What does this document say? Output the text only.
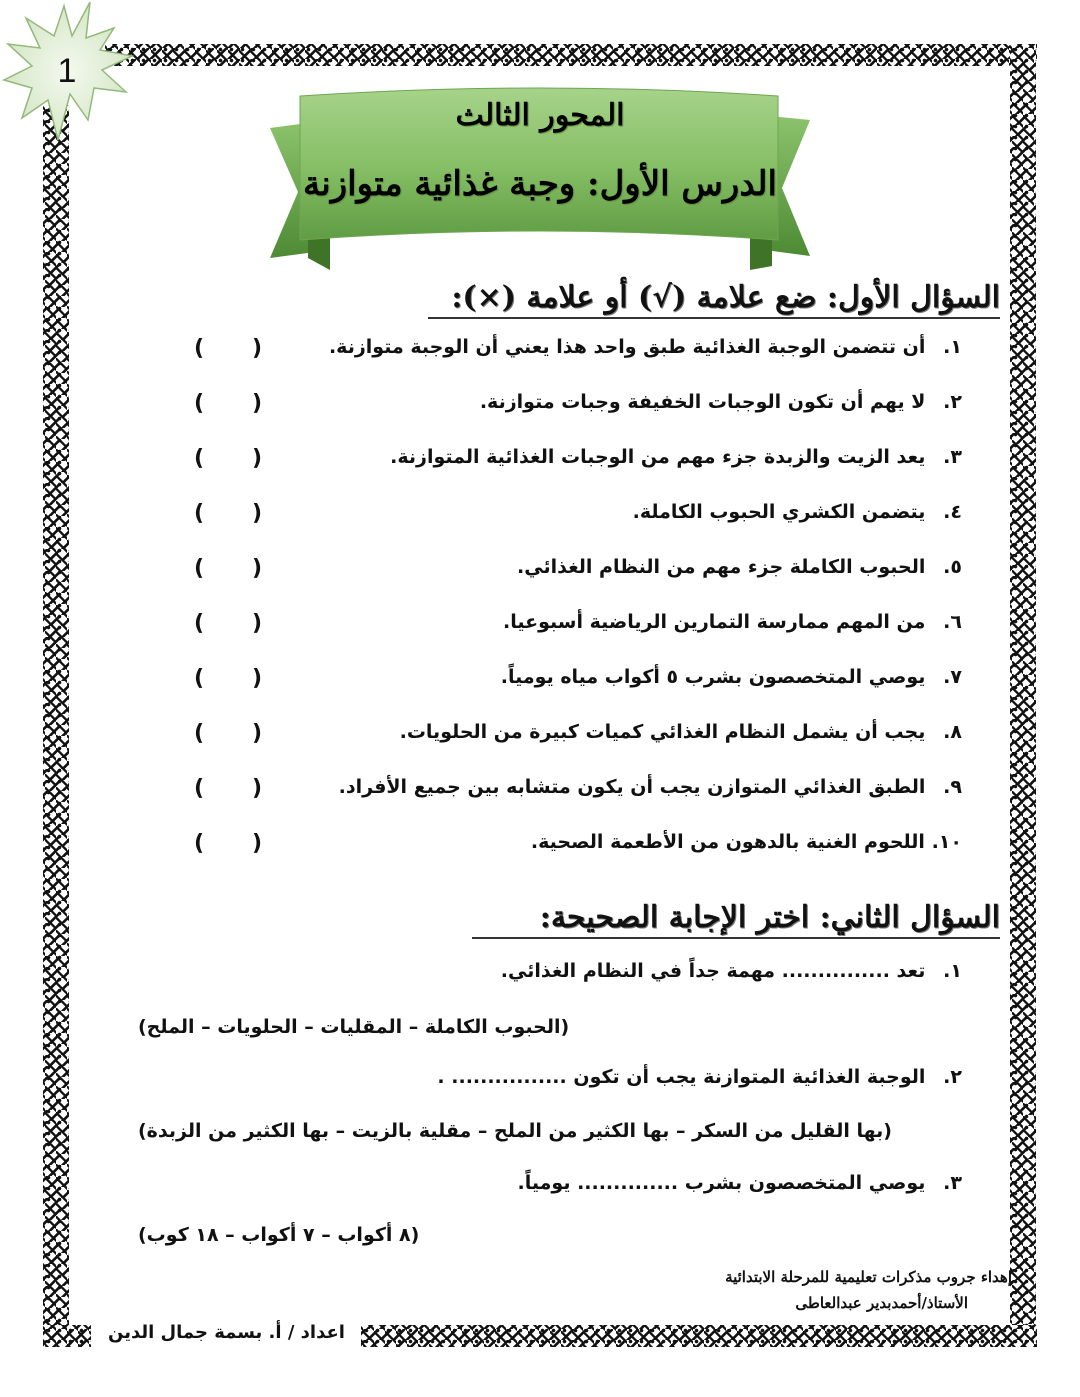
1
المحور الثالث
الدرس الأول: وجبة غذائية متوازنة
السؤال الأول: ضع علامة (√) أو علامة (×):
١. أن تتضمن الوجبة الغذائية طبق واحد هذا يعني أن الوجبة متوازنة.
( )
٢. لا يهم أن تكون الوجبات الخفيفة وجبات متوازنة.
( )
٣. يعد الزيت والزبدة جزء مهم من الوجبات الغذائية المتوازنة.
( )
٤. يتضمن الكشري الحبوب الكاملة.
( )
٥. الحبوب الكاملة جزء مهم من النظام الغذائي.
( )
٦. من المهم ممارسة التمارين الرياضية أسبوعيا.
( )
٧. يوصي المتخصصون بشرب ٥ أكواب مياه يومياً.
( )
٨. يجب أن يشمل النظام الغذائي كميات كبيرة من الحلويات.
( )
٩. الطبق الغذائي المتوازن يجب أن يكون متشابه بين جميع الأفراد.
( )
١٠. اللحوم الغنية بالدهون من الأطعمة الصحية.
( )
السؤال الثاني: اختر الإجابة الصحيحة:
١. تعد ............... مهمة جداً في النظام الغذائي.
(الحبوب الكاملة – المقليات – الحلويات – الملح)
٢. الوجبة الغذائية المتوازنة يجب أن تكون ................ .
(بها القليل من السكر – بها الكثير من الملح – مقلية بالزيت – بها الكثير من الزبدة)
٣. يوصي المتخصصون بشرب .............. يومياً.
(٨ أكواب – ٧ أكواب – ١٨ كوب)
إهداء جروب مذكرات تعليمية للمرحلة الابتدائية
الأستاذ/أحمدبدير عبدالعاطى
اعداد / أ. بسمة جمال الدين
